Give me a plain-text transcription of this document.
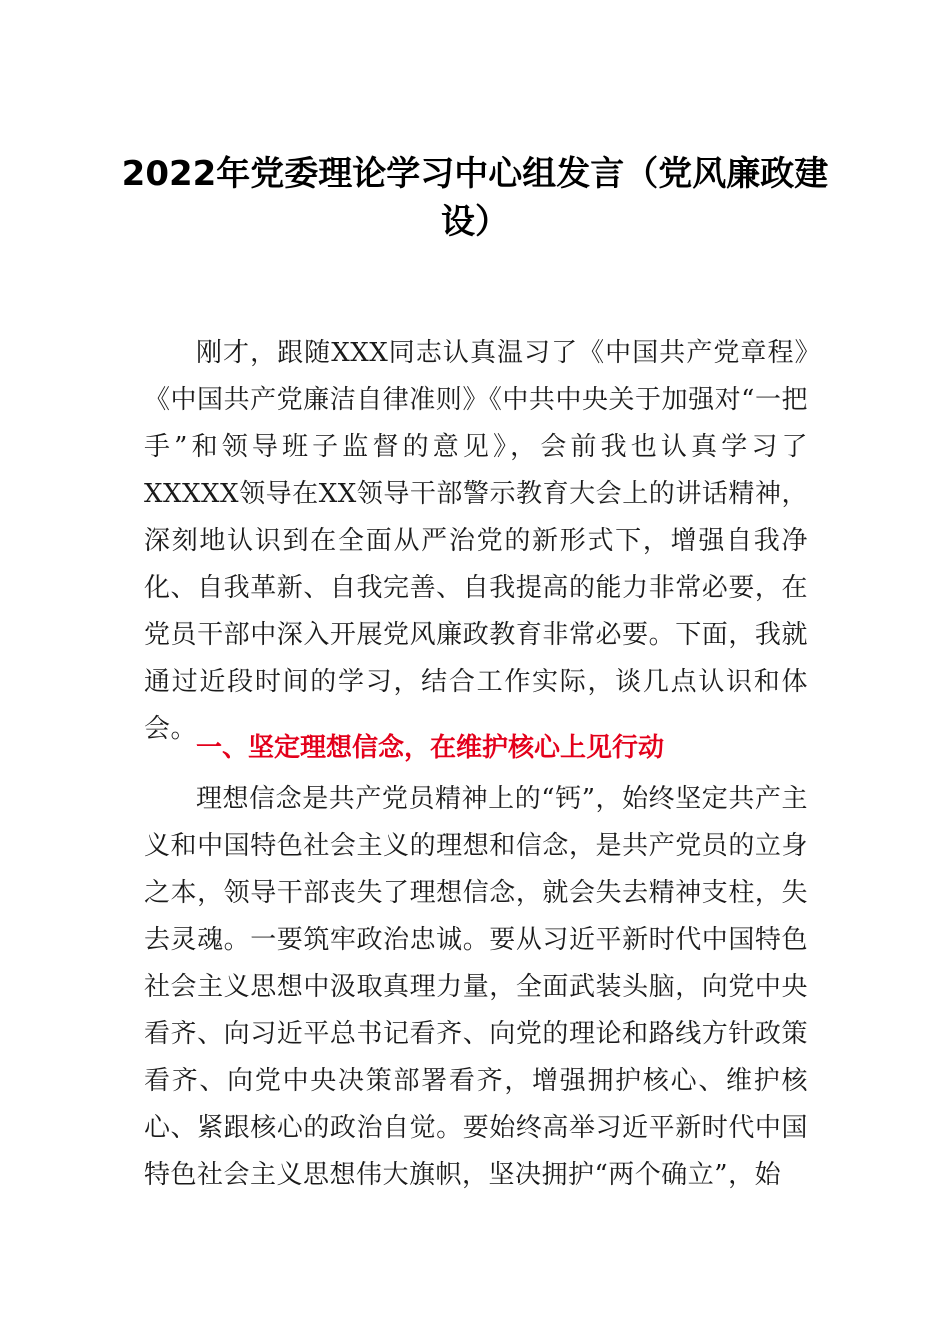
2022年党委理论学习中心组发言（党风廉政建设）

刚才，跟随XXX同志认真温习了《中国共产党章程》《中国共产党廉洁自律准则》《中共中央关于加强对“一把手”和领导班子监督的意见》，会前我也认真学习了XXXXX领导在XX领导干部警示教育大会上的讲话精神，深刻地认识到在全面从严治党的新形式下，增强自我净化、自我革新、自我完善、自我提高的能力非常必要，在党员干部中深入开展党风廉政教育非常必要。下面，我就通过近段时间的学习，结合工作实际，谈几点认识和体会。

一、坚定理想信念，在维护核心上见行动

理想信念是共产党员精神上的“钙”，始终坚定共产主义和中国特色社会主义的理想和信念，是共产党员的立身之本，领导干部丧失了理想信念，就会失去精神支柱，失去灵魂。一要筑牢政治忠诚。要从习近平新时代中国特色社会主义思想中汲取真理力量，全面武装头脑，向党中央看齐、向习近平总书记看齐、向党的理论和路线方针政策看齐、向党中央决策部署看齐，增强拥护核心、维护核心、紧跟核心的政治自觉。要始终高举习近平新时代中国特色社会主义思想伟大旗帜，坚决拥护“两个确立”，始
